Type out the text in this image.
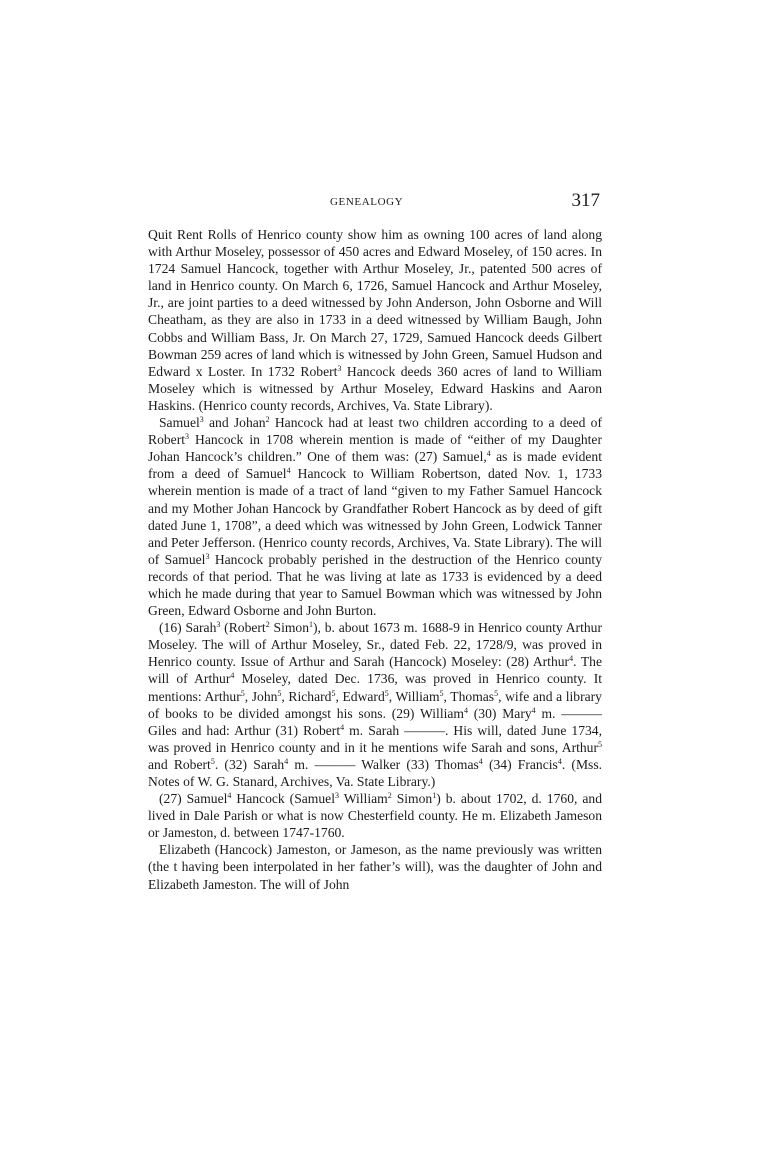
GENEALOGY	317

Quit Rent Rolls of Henrico county show him as owning 100 acres of land along with Arthur Moseley, possessor of 450 acres and Edward Moseley, of 150 acres. In 1724 Samuel Hancock, together with Arthur Moseley, Jr., patented 500 acres of land in Henrico county. On March 6, 1726, Samuel Hancock and Arthur Moseley, Jr., are joint parties to a deed witnessed by John Anderson, John Osborne and Will Cheatham, as they are also in 1733 in a deed witnessed by William Baugh, John Cobbs and William Bass, Jr. On March 27, 1729, Samued Hancock deeds Gilbert Bowman 259 acres of land which is witnessed by John Green, Samuel Hudson and Edward x Loster. In 1732 Robert$^3$ Hancock deeds 360 acres of land to William Moseley which is witnessed by Arthur Moseley, Edward Haskins and Aaron Haskins. (Henrico county records, Archives, Va. State Library).

Samuel$^3$ and Johan$^2$ Hancock had at least two children according to a deed of Robert$^3$ Hancock in 1708 wherein mention is made of “either of my Daughter Johan Hancock’s children.” One of them was: (27) Samuel,$^4$ as is made evident from a deed of Samuel$^4$ Hancock to William Robertson, dated Nov. 1, 1733 wherein mention is made of a tract of land “given to my Father Samuel Hancock and my Mother Johan Hancock by Grandfather Robert Hancock as by deed of gift dated June 1, 1708”, a deed which was witnessed by John Green, Lodwick Tanner and Peter Jefferson. (Henrico county records, Archives, Va. State Library). The will of Samuel$^3$ Hancock probably perished in the destruction of the Henrico county records of that period. That he was living at late as 1733 is evidenced by a deed which he made during that year to Samuel Bowman which was witnessed by John Green, Edward Osborne and John Burton.

(16) Sarah$^3$ (Robert$^2$ Simon$^1$), b. about 1673 m. 1688-9 in Henrico county Arthur Moseley. The will of Arthur Moseley, Sr., dated Feb. 22, 1728/9, was proved in Henrico county. Issue of Arthur and Sarah (Hancock) Moseley: (28) Arthur$^4$. The will of Arthur$^4$ Moseley, dated Dec. 1736, was proved in Henrico county. It mentions: Arthur$^5$, John$^5$, Richard$^5$, Edward$^5$, William$^5$, Thomas$^5$, wife and a library of books to be divided amongst his sons. (29) William$^4$ (30) Mary$^4$ m. ——— Giles and had: Arthur (31) Robert$^4$ m. Sarah ———. His will, dated June 1734, was proved in Henrico county and in it he mentions wife Sarah and sons, Arthur$^5$ and Robert$^5$. (32) Sarah$^4$ m. ——— Walker (33) Thomas$^4$ (34) Francis$^4$. (Mss. Notes of W. G. Stanard, Archives, Va. State Library.)

(27) Samuel$^4$ Hancock (Samuel$^3$ William$^2$ Simon$^1$) b. about 1702, d. 1760, and lived in Dale Parish or what is now Chesterfield county. He m. Elizabeth Jameson or Jameston, d. between 1747-1760.

Elizabeth (Hancock) Jameston, or Jameson, as the name previously was written (the t having been interpolated in her father’s will), was the daughter of John and Elizabeth Jameston. The will of John
